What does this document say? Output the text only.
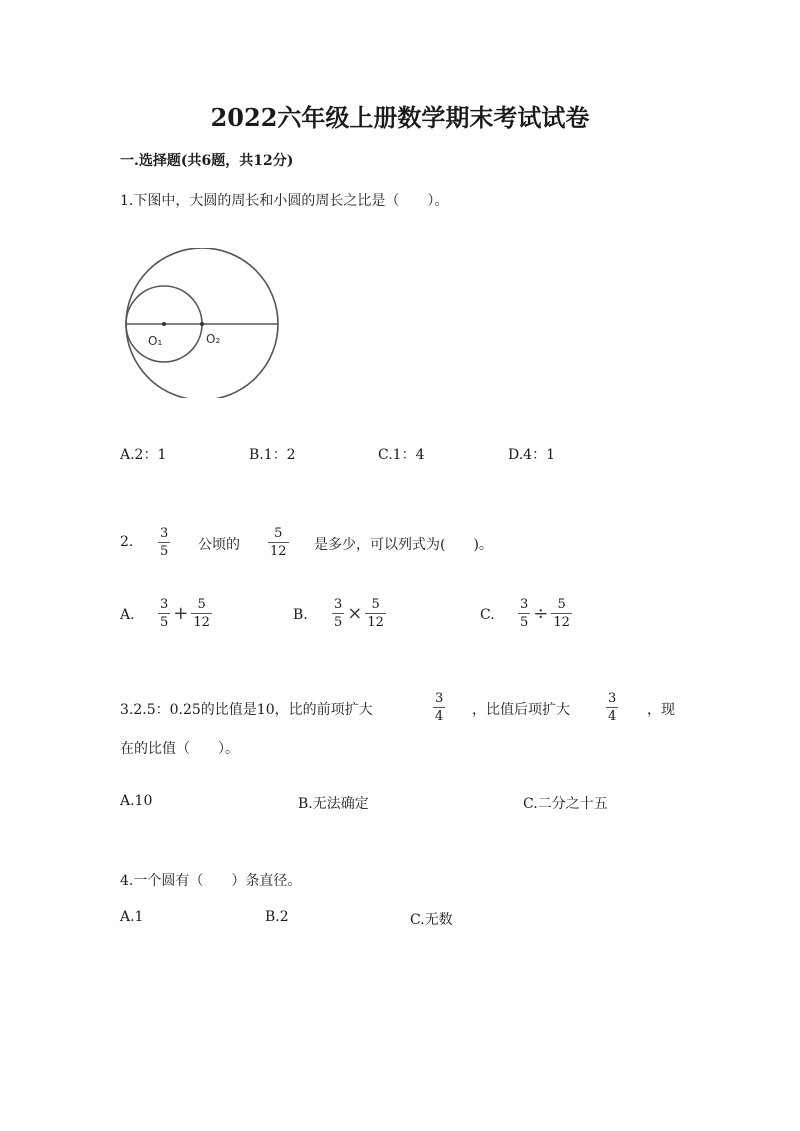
2022六年级上册数学期末考试试卷
一.选择题(共6题，共12分)
1.下图中，大圆的周长和小圆的周长之比是（　　）。
O₁	O₂
A.2：1	B.1：2	C.1：4	D.4：1
2. $\frac{3}{5}$ 公顷的 $\frac{5}{12}$ 是多少，可以列式为(　　)。
A. $\frac{3}{5} + \frac{5}{12}$	B. $\frac{3}{5} \times \frac{5}{12}$	C. $\frac{3}{5} \div \frac{5}{12}$
3.2.5：0.25的比值是10，比的前项扩大	$\frac{3}{4}$ ，比值后项扩大	$\frac{3}{4}$ ，现
在的比值（　　）。
A.10	B.无法确定	C.二分之十五
4.一个圆有（　　）条直径。
A.1	B.2	C.无数
